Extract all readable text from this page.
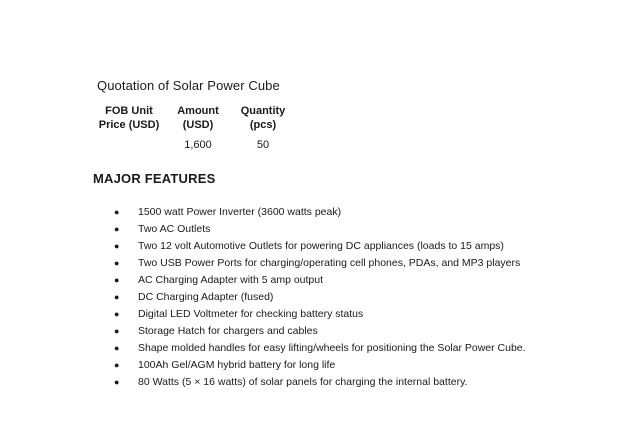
Quotation of Solar Power Cube
FOB Unit
Price (USD)
Amount
(USD)
1,600
Quantity
(pcs)
50
MAJOR FEATURES
● 1500 watt Power Inverter (3600 watts peak)
● Two AC Outlets
● Two 12 volt Automotive Outlets for powering DC appliances (loads to 15 amps)
● Two USB Power Ports for charging/operating cell phones, PDAs, and MP3 players
● AC Charging Adapter with 5 amp output
● DC Charging Adapter (fused)
● Digital LED Voltmeter for checking battery status
● Storage Hatch for chargers and cables
● Shape molded handles for easy lifting/wheels for positioning the Solar Power Cube.
● 100Ah Gel/AGM hybrid battery for long life
● 80 Watts (5 × 16 watts) of solar panels for charging the internal battery.
